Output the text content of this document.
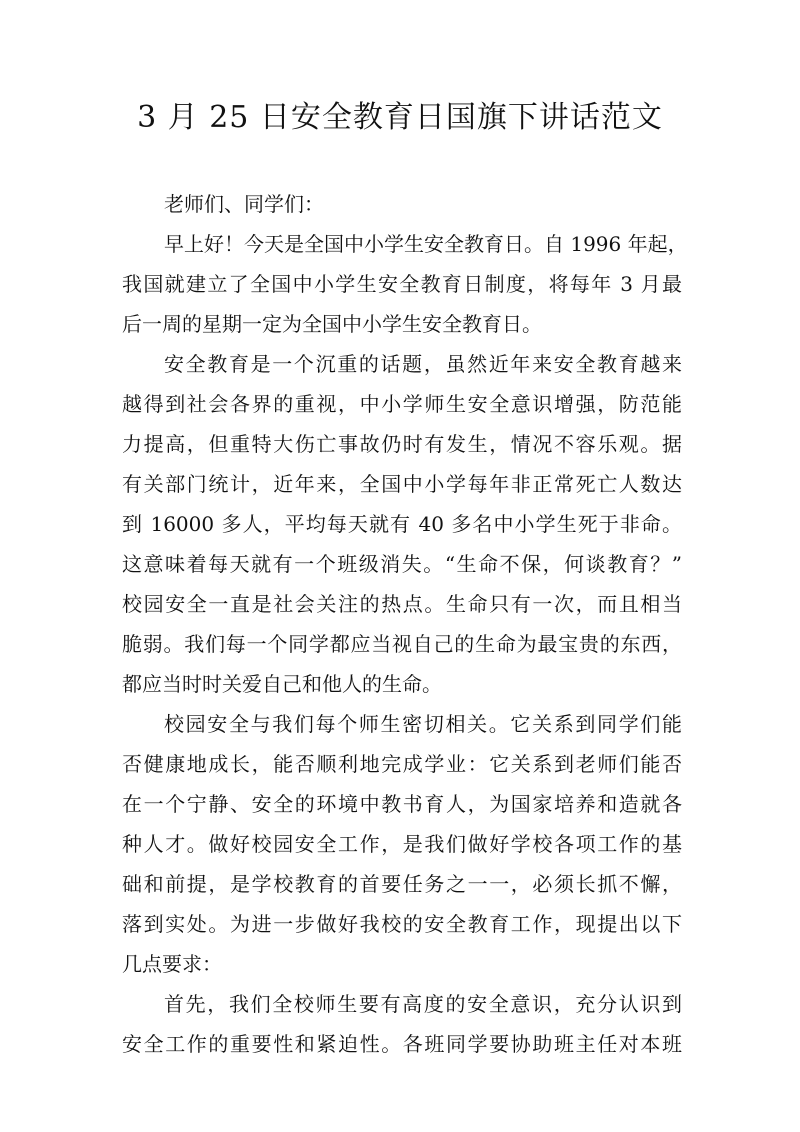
3 月 25 日安全教育日国旗下讲话范文
老师们、同学们：
早上好！今天是全国中小学生安全教育日。自 1996 年起，
我国就建立了全国中小学生安全教育日制度，将每年 3 月最
后一周的星期一定为全国中小学生安全教育日。
安全教育是一个沉重的话题，虽然近年来安全教育越来
越得到社会各界的重视，中小学师生安全意识增强，防范能
力提高，但重特大伤亡事故仍时有发生，情况不容乐观。据
有关部门统计，近年来，全国中小学每年非正常死亡人数达
到 16000 多人，平均每天就有 40 多名中小学生死于非命。
这意味着每天就有一个班级消失。“生命不保，何谈教育？”
校园安全一直是社会关注的热点。生命只有一次，而且相当
脆弱。我们每一个同学都应当视自己的生命为最宝贵的东西，
都应当时时关爱自己和他人的生命。
校园安全与我们每个师生密切相关。它关系到同学们能
否健康地成长，能否顺利地完成学业：它关系到老师们能否
在一个宁静、安全的环境中教书育人，为国家培养和造就各
种人才。做好校园安全工作，是我们做好学校各项工作的基
础和前提，是学校教育的首要任务之一一，必须长抓不懈，
落到实处。为进一步做好我校的安全教育工作，现提出以下
几点要求：
首先，我们全校师生要有高度的安全意识，充分认识到
安全工作的重要性和紧迫性。各班同学要协助班主任对本班
